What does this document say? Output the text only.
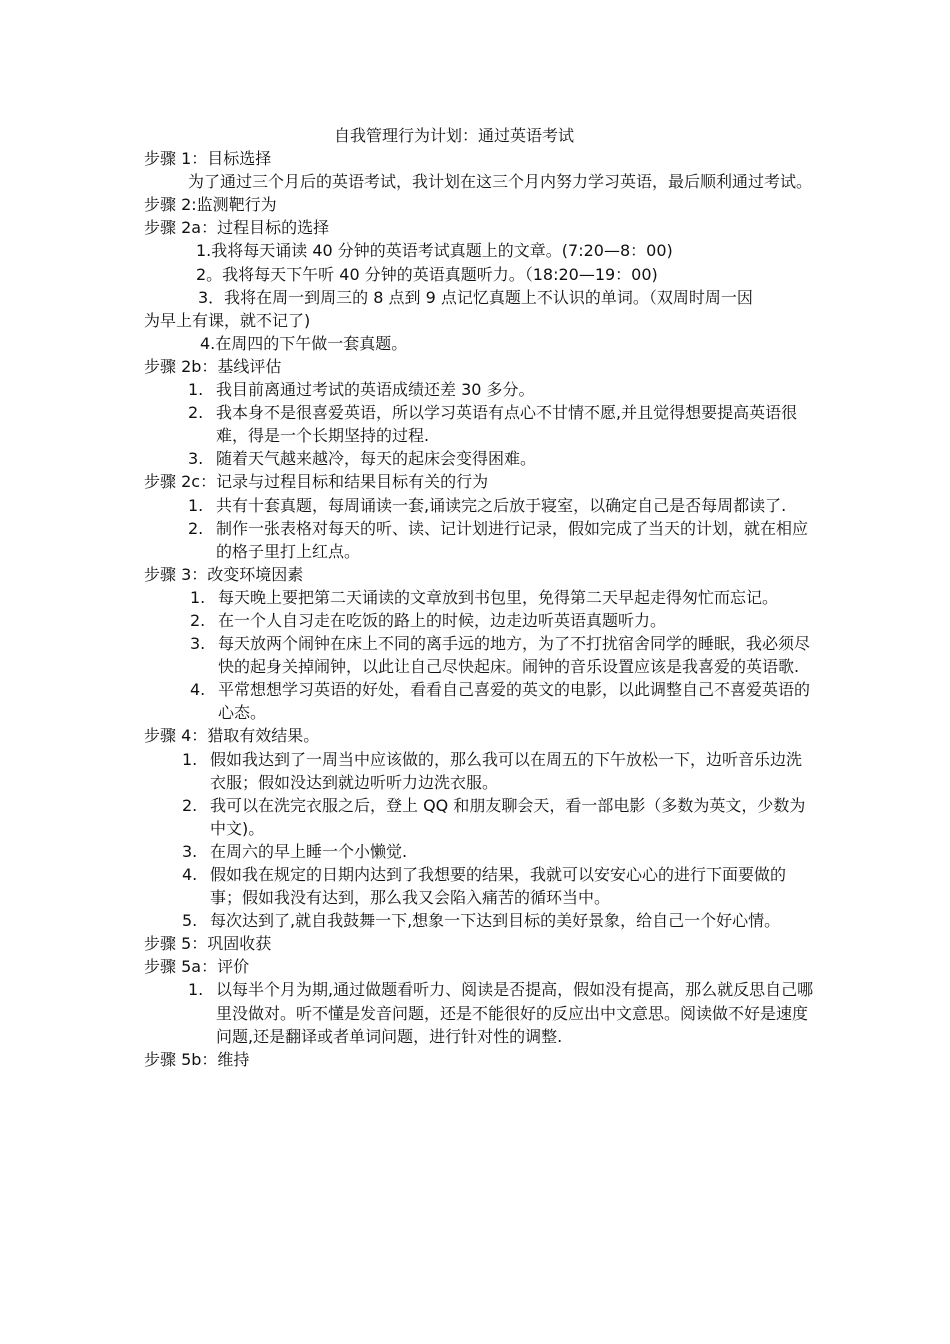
自我管理行为计划：通过英语考试

步骤 1：目标选择

为了通过三个月后的英语考试，我计划在这三个月内努力学习英语，最后顺利通过考试。

步骤 2:监测靶行为

步骤 2a：过程目标的选择

1.我将每天诵读 40 分钟的英语考试真题上的文章。(7:20—8：00)

2。我将每天下午听 40 分钟的英语真题听力。（18:20—19：00)

3．我将在周一到周三的 8 点到 9 点记忆真题上不认识的单词。（双周时周一因

为早上有课，就不记了)

4.在周四的下午做一套真题。

步骤 2b：基线评估

1. 我目前离通过考试的英语成绩还差 30 多分。
2. 我本身不是很喜爱英语，所以学习英语有点心不甘情不愿,并且觉得想要提高英语很难，得是一个长期坚持的过程.
3. 随着天气越来越冷，每天的起床会变得困难。

步骤 2c：记录与过程目标和结果目标有关的行为

1. 共有十套真题，每周诵读一套,诵读完之后放于寝室，以确定自己是否每周都读了.
2. 制作一张表格对每天的听、读、记计划进行记录，假如完成了当天的计划，就在相应的格子里打上红点。

步骤 3：改变环境因素

1. 每天晚上要把第二天诵读的文章放到书包里，免得第二天早起走得匆忙而忘记。
2. 在一个人自习走在吃饭的路上的时候，边走边听英语真题听力。
3. 每天放两个闹钟在床上不同的离手远的地方，为了不打扰宿舍同学的睡眠，我必须尽快的起身关掉闹钟，以此让自己尽快起床。闹钟的音乐设置应该是我喜爱的英语歌.
4. 平常想想学习英语的好处，看看自己喜爱的英文的电影，以此调整自己不喜爱英语的心态。

步骤 4：猎取有效结果。

1. 假如我达到了一周当中应该做的，那么我可以在周五的下午放松一下，边听音乐边洗衣服；假如没达到就边听听力边洗衣服。
2. 我可以在洗完衣服之后，登上 QQ 和朋友聊会天，看一部电影（多数为英文，少数为中文)。
3. 在周六的早上睡一个小懒觉.
4. 假如我在规定的日期内达到了我想要的结果，我就可以安安心心的进行下面要做的事；假如我没有达到，那么我又会陷入痛苦的循环当中。
5. 每次达到了,就自我鼓舞一下,想象一下达到目标的美好景象，给自己一个好心情。

步骤 5：巩固收获

步骤 5a：评价

1. 以每半个月为期,通过做题看听力、阅读是否提高，假如没有提高，那么就反思自己哪里没做对。听不懂是发音问题，还是不能很好的反应出中文意思。阅读做不好是速度问题,还是翻译或者单词问题，进行针对性的调整.

步骤 5b：维持
